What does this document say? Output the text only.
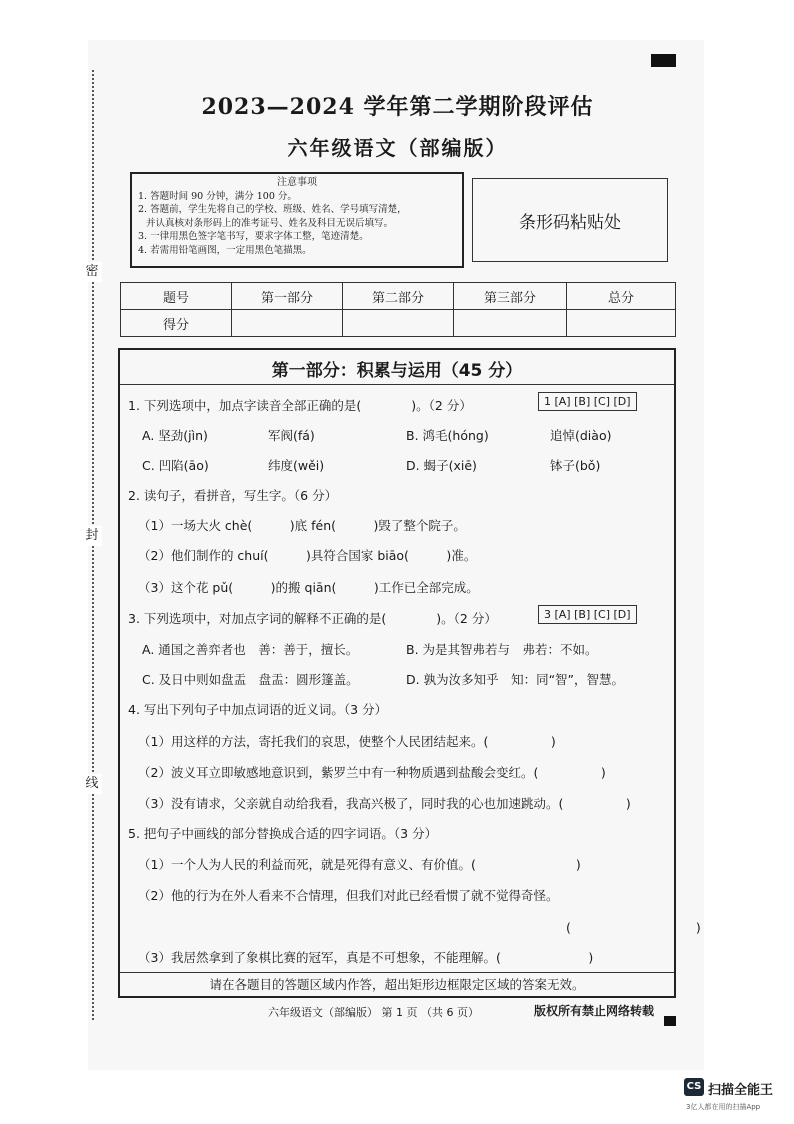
密
封
线
2023—2024 学年第二学期阶段评估
六年级语文（部编版）
注意事项
1. 答题时间 90 分钟，满分 100 分。
2. 答题前，学生先将自己的学校、班级、姓名、学号填写清楚，
并认真核对条形码上的准考证号、姓名及科目无误后填写。
3. 一律用黑色签字笔书写，要求字体工整，笔迹清楚。
4. 若需用铅笔画图，一定用黑色笔描黑。
条形码粘贴处
题号	第一部分	第二部分	第三部分	总分
得分				
第一部分：积累与运用（45 分）
1. 下列选项中，加点字读音全部正确的是(　　　　)。（2 分）	1 [A] [B] [C] [D]
A. 坚劲(jìn)	军阀(fá)	B. 鸿毛(hóng)	追悼(diào)
C. 凹陷(āo)	纬度(wěi)	D. 蝎子(xiē)	钵子(bǒ)
2. 读句子，看拼音，写生字。（6 分）
（1）一场大火 chè(　　　)底 fén(　　　)毁了整个院子。
（2）他们制作的 chuí(　　　)具符合国家 biāo(　　　)准。
（3）这个花 pǔ(　　　)的搬 qiān(　　　)工作已全部完成。
3. 下列选项中，对加点字词的解释不正确的是(　　　　)。（2 分）	3 [A] [B] [C] [D]
A. 通国之善弈者也　善：善于，擅长。	B. 为是其智弗若与　弗若：不如。
C. 及日中则如盘盂　盘盂：圆形篷盖。	D. 孰为汝多知乎　知：同“智”，智慧。
4. 写出下列句子中加点词语的近义词。（3 分）
（1）用这样的方法，寄托我们的哀思，使整个人民团结起来。(　　　　　)
（2）波义耳立即敏感地意识到，紫罗兰中有一种物质遇到盐酸会变红。(　　　　　)
（3）没有请求，父亲就自动给我看，我高兴极了，同时我的心也加速跳动。(　　　　　)
5. 把句子中画线的部分替换成合适的四字词语。（3 分）
（1）一个人为人民的利益而死，就是死得有意义、有价值。(　　　　　　　　)
（2）他的行为在外人看来不合情理，但我们对此已经看惯了就不觉得奇怪。
(　　　　　　　　　　)
（3）我居然拿到了象棋比赛的冠军，真是不可想象，不能理解。(　　　　　　　)
请在各题目的答题区域内作答，超出矩形边框限定区域的答案无效。
六年级语文（部编版） 第 1 页 （共 6 页）	版权所有禁止网络转载
CS 扫描全能王
3亿人都在用的扫描App
